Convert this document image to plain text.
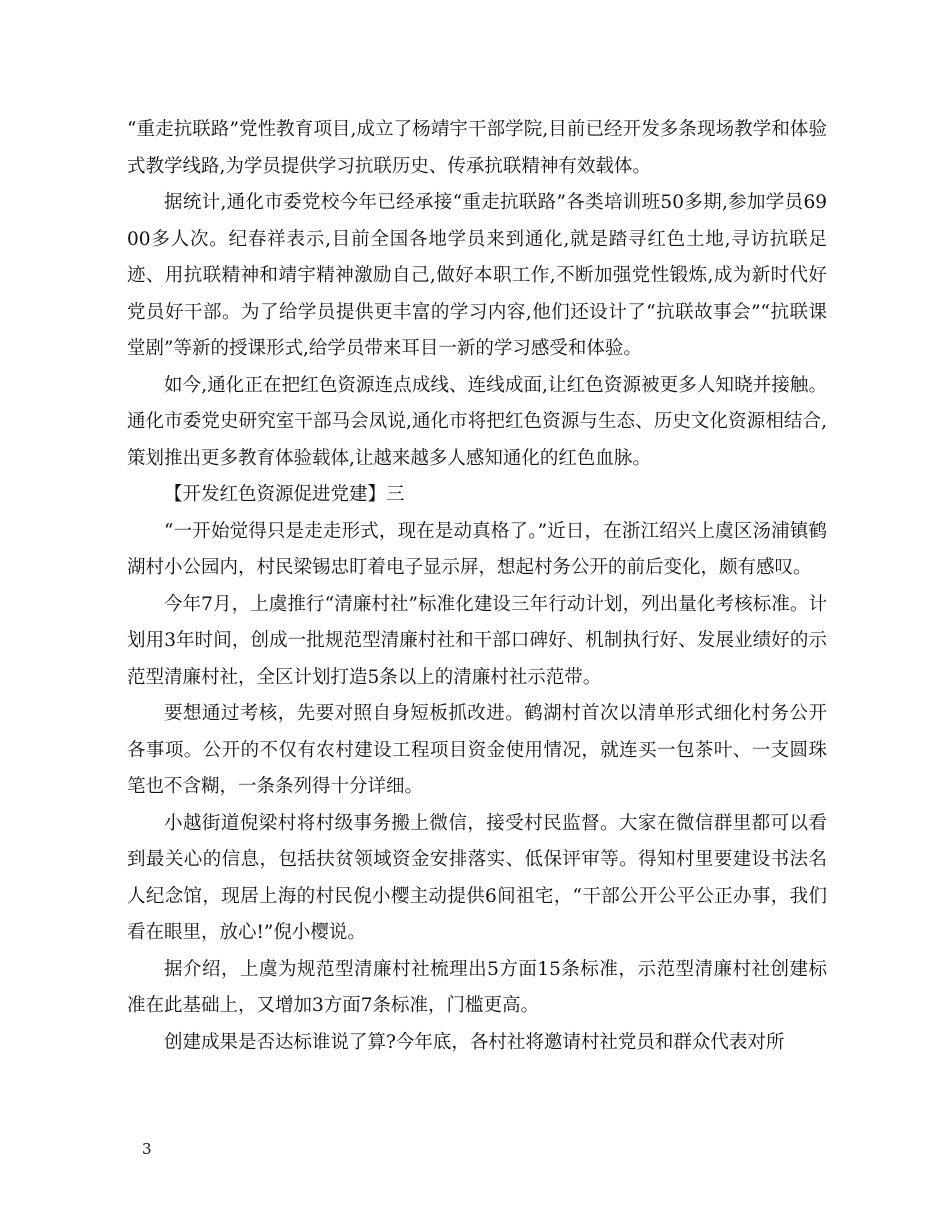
“重走抗联路”党性教育项目,成立了杨靖宇干部学院,目前已经开发多条现场教学和体验式教学线路,为学员提供学习抗联历史、传承抗联精神有效载体。

据统计,通化市委党校今年已经承接“重走抗联路”各类培训班50多期,参加学员6900多人次。纪春祥表示,目前全国各地学员来到通化,就是踏寻红色土地,寻访抗联足迹、用抗联精神和靖宇精神激励自己,做好本职工作,不断加强党性锻炼,成为新时代好党员好干部。为了给学员提供更丰富的学习内容,他们还设计了“抗联故事会”“抗联课堂剧”等新的授课形式,给学员带来耳目一新的学习感受和体验。

如今,通化正在把红色资源连点成线、连线成面,让红色资源被更多人知晓并接触。通化市委党史研究室干部马会凤说,通化市将把红色资源与生态、历史文化资源相结合,策划推出更多教育体验载体,让越来越多人感知通化的红色血脉。

【开发红色资源促进党建】三

“一开始觉得只是走走形式，现在是动真格了。”近日，在浙江绍兴上虞区汤浦镇鹤湖村小公园内，村民梁锡忠盯着电子显示屏，想起村务公开的前后变化，颇有感叹。

今年7月，上虞推行“清廉村社”标准化建设三年行动计划，列出量化考核标准。计划用3年时间，创成一批规范型清廉村社和干部口碑好、机制执行好、发展业绩好的示范型清廉村社，全区计划打造5条以上的清廉村社示范带。

要想通过考核，先要对照自身短板抓改进。鹤湖村首次以清单形式细化村务公开各事项。公开的不仅有农村建设工程项目资金使用情况，就连买一包茶叶、一支圆珠笔也不含糊，一条条列得十分详细。

小越街道倪梁村将村级事务搬上微信，接受村民监督。大家在微信群里都可以看到最关心的信息，包括扶贫领域资金安排落实、低保评审等。得知村里要建设书法名人纪念馆，现居上海的村民倪小樱主动提供6间祖宅，“干部公开公平公正办事，我们看在眼里，放心!”倪小樱说。

据介绍，上虞为规范型清廉村社梳理出5方面15条标准，示范型清廉村社创建标准在此基础上，又增加3方面7条标准，门槛更高。

创建成果是否达标谁说了算?今年底，各村社将邀请村社党员和群众代表对所

3
